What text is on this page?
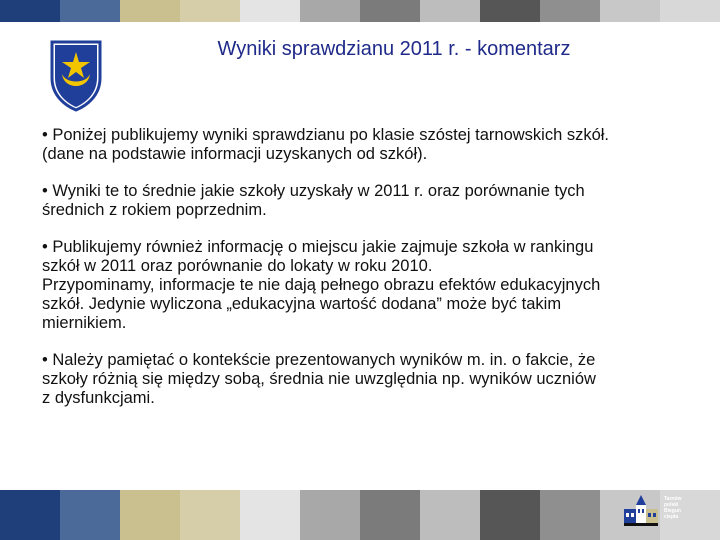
Wyniki sprawdzianu 2011 r. - komentarz

• Poniżej publikujemy wyniki sprawdzianu po klasie szóstej tarnowskich szkół.
(dane na podstawie informacji uzyskanych od szkół).

• Wyniki te to średnie jakie szkoły uzyskały w 2011 r. oraz porównanie tych
średnich z rokiem poprzednim.

• Publikujemy również informację o miejscu jakie zajmuje szkoła w rankingu
szkół w 2011 oraz porównanie do lokaty w roku 2010.
Przypominamy, informacje te nie dają pełnego obrazu efektów edukacyjnych
szkół. Jedynie wyliczona „edukacyjna wartość dodana” może być takim
miernikiem.

• Należy pamiętać o kontekście prezentowanych wyników m. in. o fakcie, że
szkoły różnią się między sobą, średnia nie uwzględnia np. wyników uczniów
z dysfunkcjami.

Tarnów
polski
Biegun
ciepła
